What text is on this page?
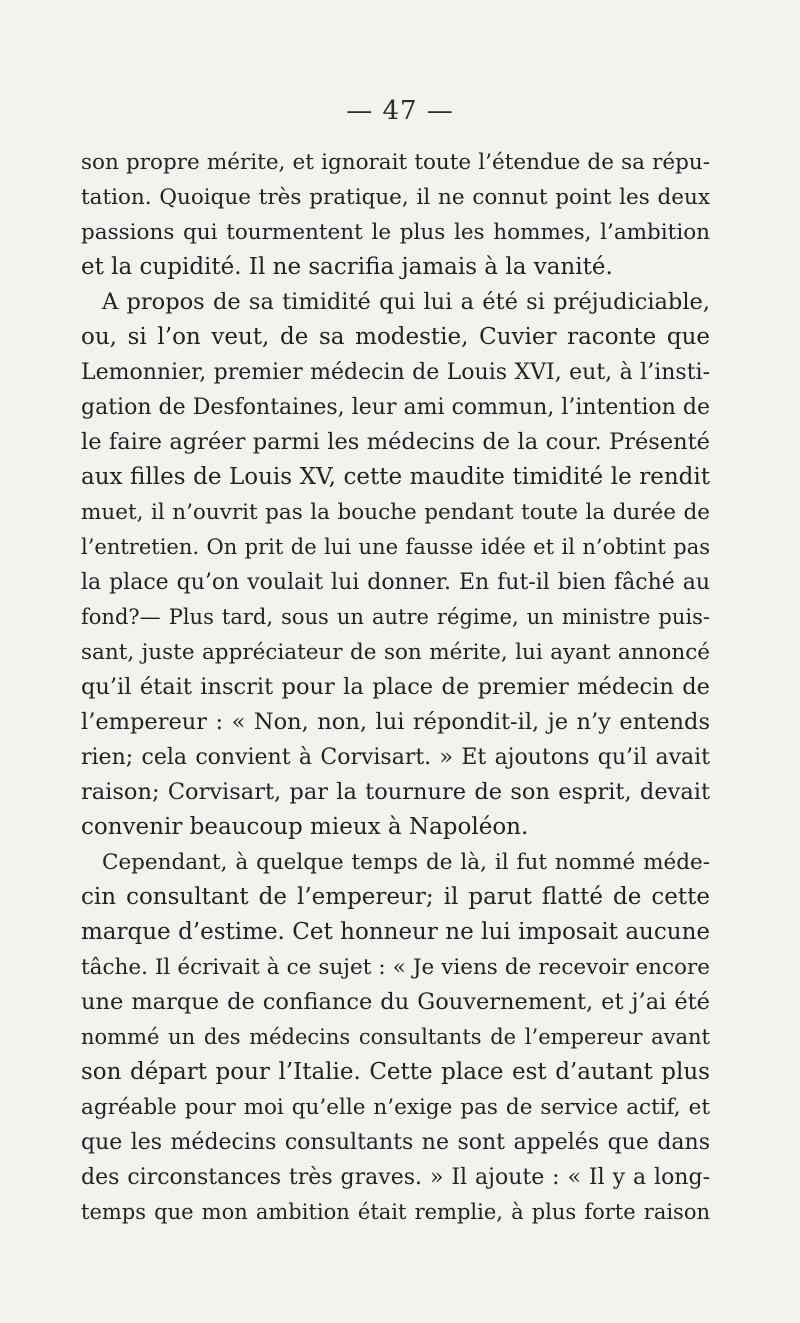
— 47 —
son propre mérite, et ignorait toute l’étendue de sa répu-
tation. Quoique très pratique, il ne connut point les deux
passions qui tourmentent le plus les hommes, l’ambition
et la cupidité. Il ne sacrifia jamais à la vanité.
A propos de sa timidité qui lui a été si préjudiciable,
ou, si l’on veut, de sa modestie, Cuvier raconte que
Lemonnier, premier médecin de Louis XVI, eut, à l’insti-
gation de Desfontaines, leur ami commun, l’intention de
le faire agréer parmi les médecins de la cour. Présenté
aux filles de Louis XV, cette maudite timidité le rendit
muet, il n’ouvrit pas la bouche pendant toute la durée de
l’entretien. On prit de lui une fausse idée et il n’obtint pas
la place qu’on voulait lui donner. En fut-il bien fâché au
fond?— Plus tard, sous un autre régime, un ministre puis-
sant, juste appréciateur de son mérite, lui ayant annoncé
qu’il était inscrit pour la place de premier médecin de
l’empereur : « Non, non, lui répondit-il, je n’y entends
rien; cela convient à Corvisart. » Et ajoutons qu’il avait
raison; Corvisart, par la tournure de son esprit, devait
convenir beaucoup mieux à Napoléon.
Cependant, à quelque temps de là, il fut nommé méde-
cin consultant de l’empereur; il parut flatté de cette
marque d’estime. Cet honneur ne lui imposait aucune
tâche. Il écrivait à ce sujet : « Je viens de recevoir encore
une marque de confiance du Gouvernement, et j’ai été
nommé un des médecins consultants de l’empereur avant
son départ pour l’Italie. Cette place est d’autant plus
agréable pour moi qu’elle n’exige pas de service actif, et
que les médecins consultants ne sont appelés que dans
des circonstances très graves. » Il ajoute : « Il y a long-
temps que mon ambition était remplie, à plus forte raison
